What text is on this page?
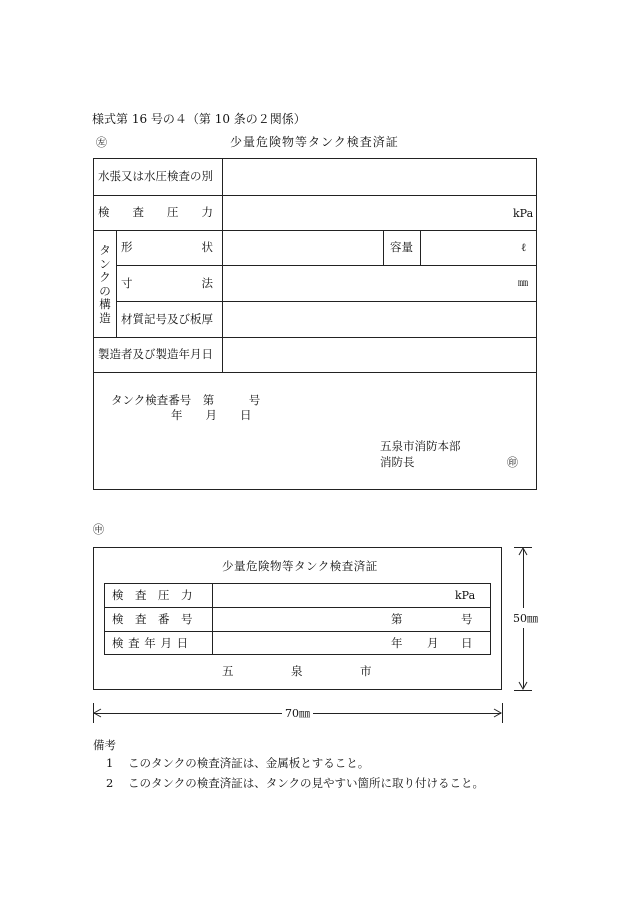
様式第 16 号の４（第 10 条の２関係）
㊧	少量危険物等タンク検査済証
水張又は水圧検査の別
検　　査　　圧　　力	kPa
タンクの構造
形　　　　　　状	容量	ℓ
寸　　　　　　法	㎜
材質記号及び板厚
製造者及び製造年月日
タンク検査番号　第　　　号
年　　月　　日
五泉市消防本部
消防長	㊞
㊥
少量危険物等タンク検査済証
検　査　圧　力	kPa
検　査　番　号	第	号
検 査 年 月 日	年 月 日
五　　　　　泉　　　　　市
50㎜
70㎜
備考
1 このタンクの検査済証は、金属板とすること。
2 このタンクの検査済証は、タンクの見やすい箇所に取り付けること。
